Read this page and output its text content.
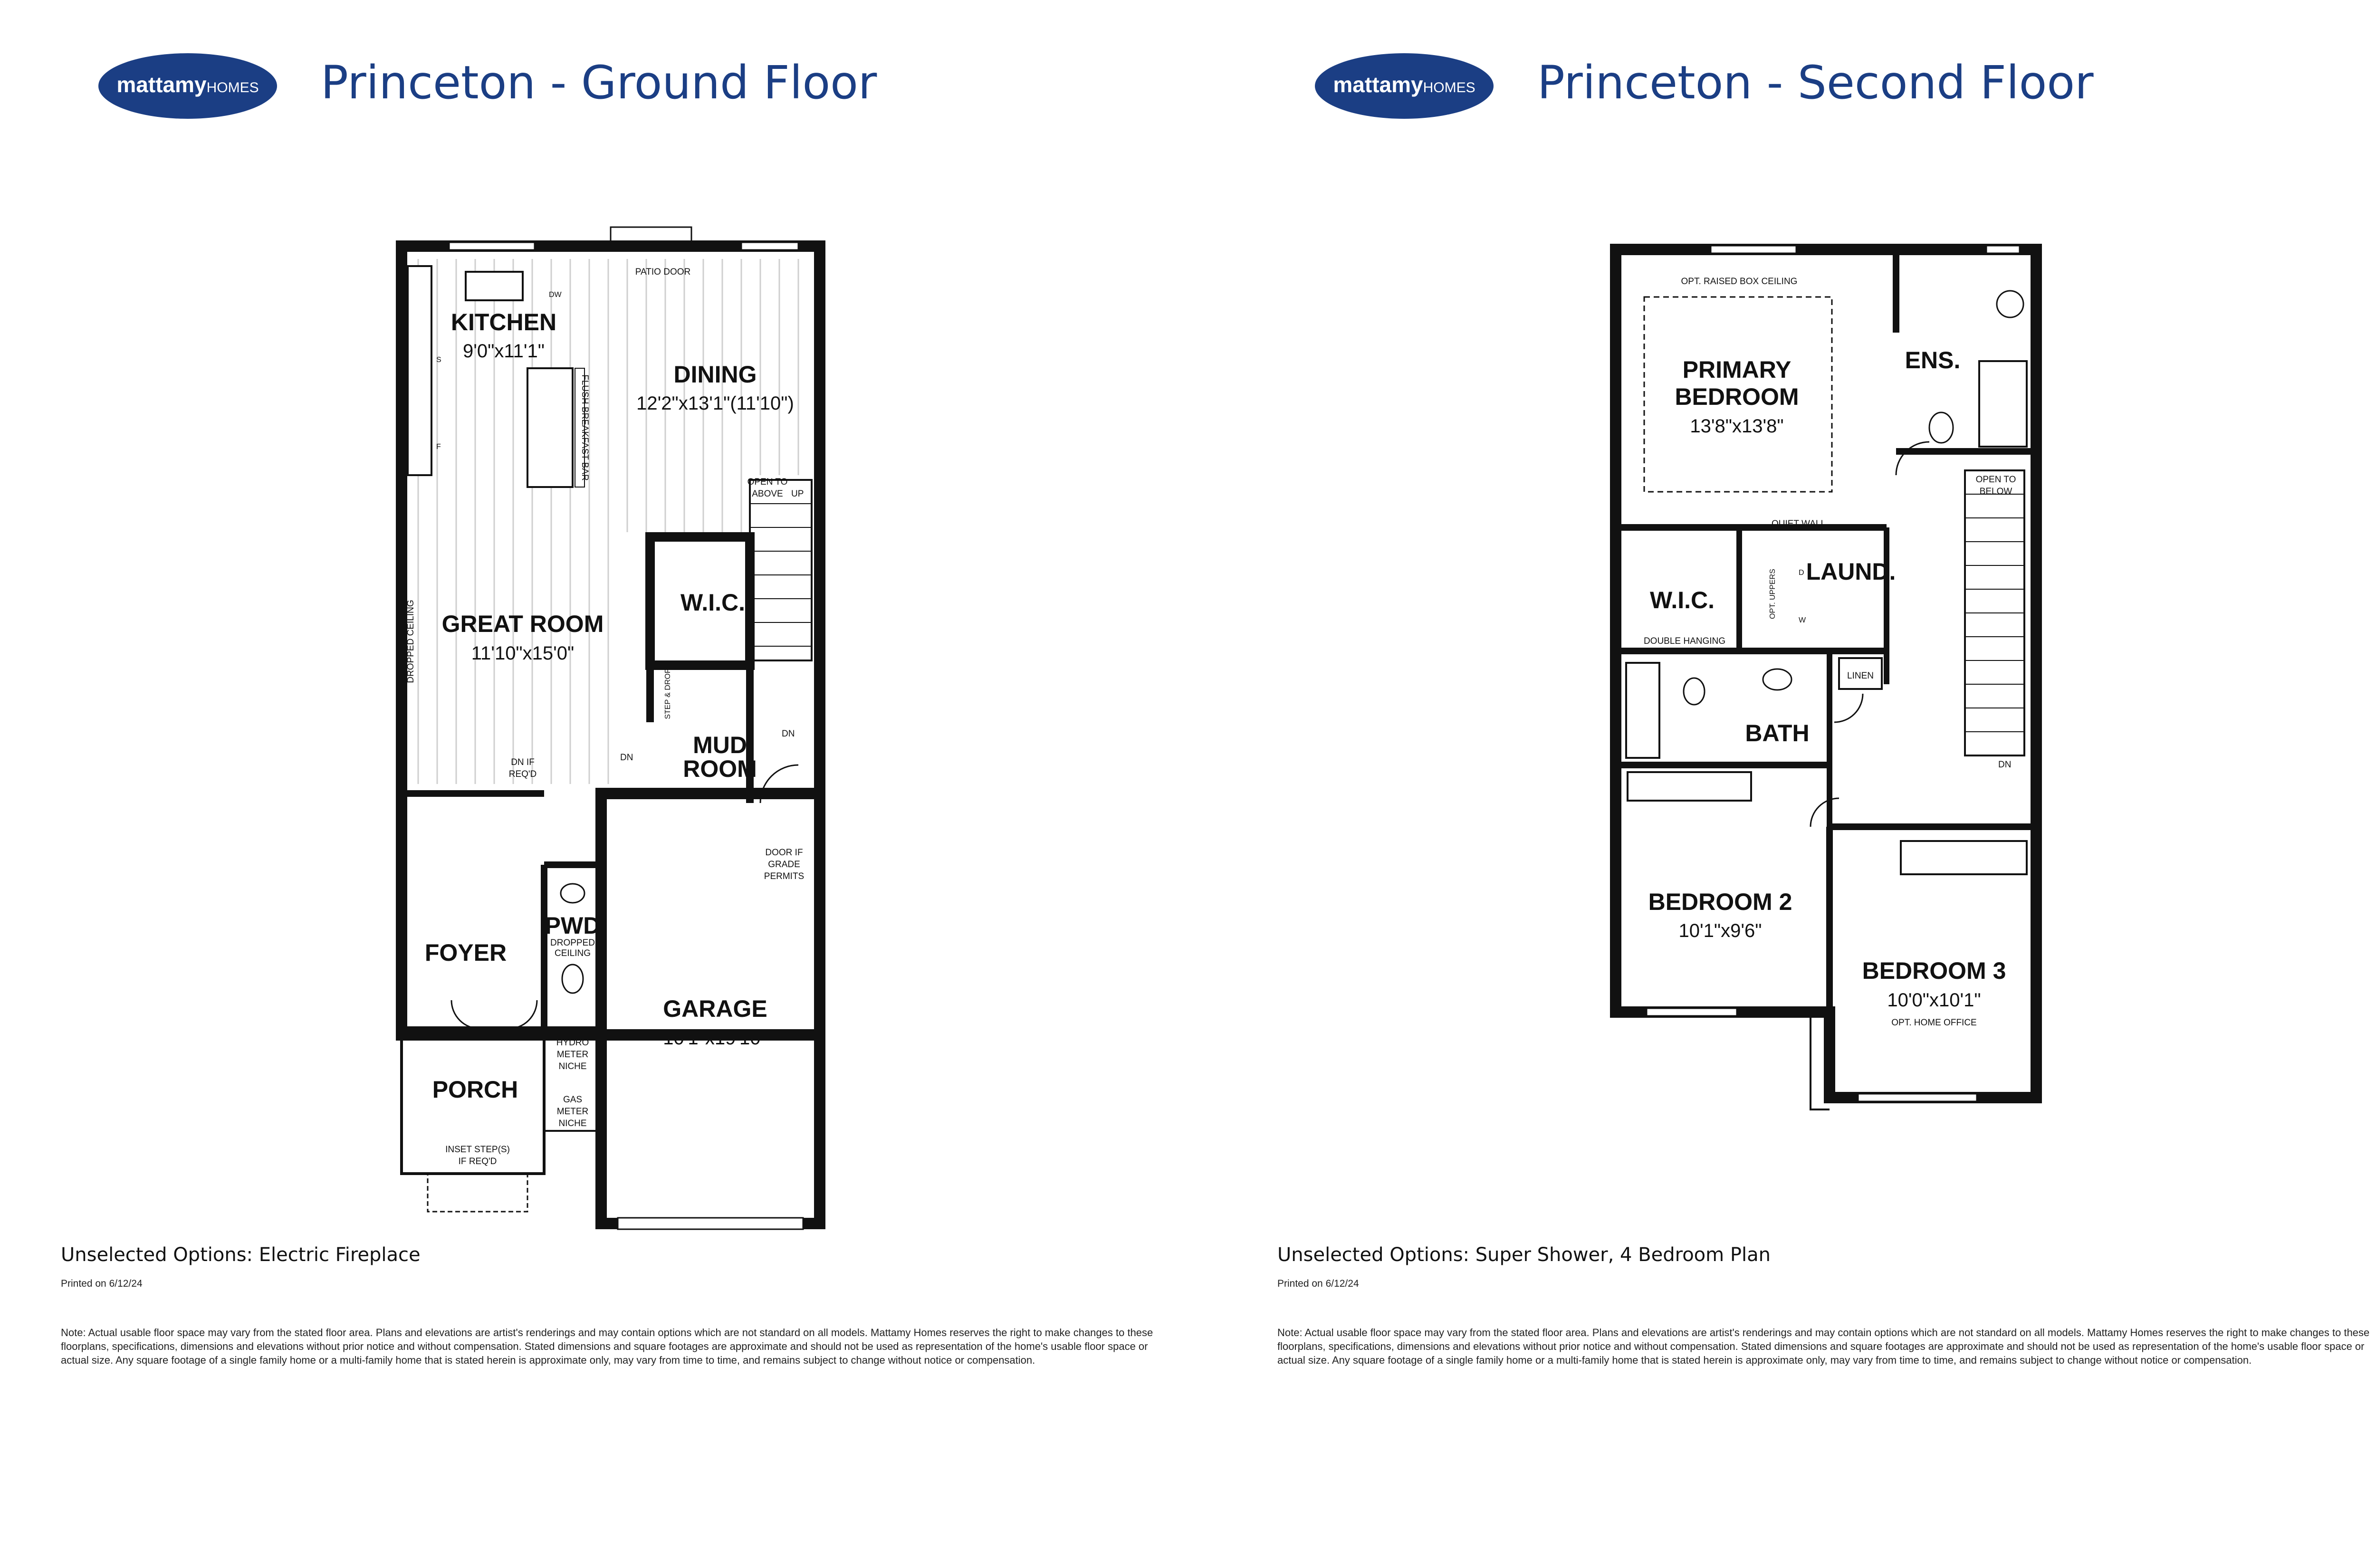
mattamyHOMES Princeton - Ground Floor
KITCHEN
9'0"x11'1"
DINING
12'2"x13'1"(11'10")
GREAT ROOM
11'10"x15'0"
W.I.C.
MUD
ROOM
FOYER
PWD
PORCH
GARAGE
10'1"x19'10"
PATIO DOOR
FLUSH BREAKFAST BAR
OPEN TO
ABOVE UP
DN
DN
DROPPED CEILING
DN IF
REQ'D
DOOR IF
GRADE
PERMITS
HYDRO
METER
NICHE
GAS
METER
NICHE
INSET STEP(S)
IF REQ'D
DROPPED
CEILING
STEP & DROP
DW
S
F
Unselected Options: Electric Fireplace
Printed on 6/12/24
Note: Actual usable floor space may vary from the stated floor area. Plans and elevations are artist's renderings and may contain options which are not standard on all models. Mattamy Homes reserves the right to make changes to these floorplans, specifications, dimensions and elevations without prior notice and without compensation. Stated dimensions and square footages are approximate and should not be used as representation of the home's usable floor space or actual size. Any square footage of a single family home or a multi-family home that is stated herein is approximate only, may vary from time to time, and remains subject to change without notice or compensation.
mattamyHOMES Princeton - Second Floor
PRIMARY
BEDROOM
13'8"x13'8"
ENS.
OPT. RAISED BOX CEILING
QUIET WALL
W.I.C.
DOUBLE HANGING
LAUND.
OPT. UPPERS	D
W
BATH
LINEN
BEDROOM 2
10'1"x9'6"
BEDROOM 3
10'0"x10'1"
OPT. HOME OFFICE
OPEN TO
BELOW
DN
Unselected Options: Super Shower, 4 Bedroom Plan
Printed on 6/12/24
Note: Actual usable floor space may vary from the stated floor area. Plans and elevations are artist's renderings and may contain options which are not standard on all models. Mattamy Homes reserves the right to make changes to these floorplans, specifications, dimensions and elevations without prior notice and without compensation. Stated dimensions and square footages are approximate and should not be used as representation of the home's usable floor space or actual size. Any square footage of a single family home or a multi-family home that is stated herein is approximate only, may vary from time to time, and remains subject to change without notice or compensation.
